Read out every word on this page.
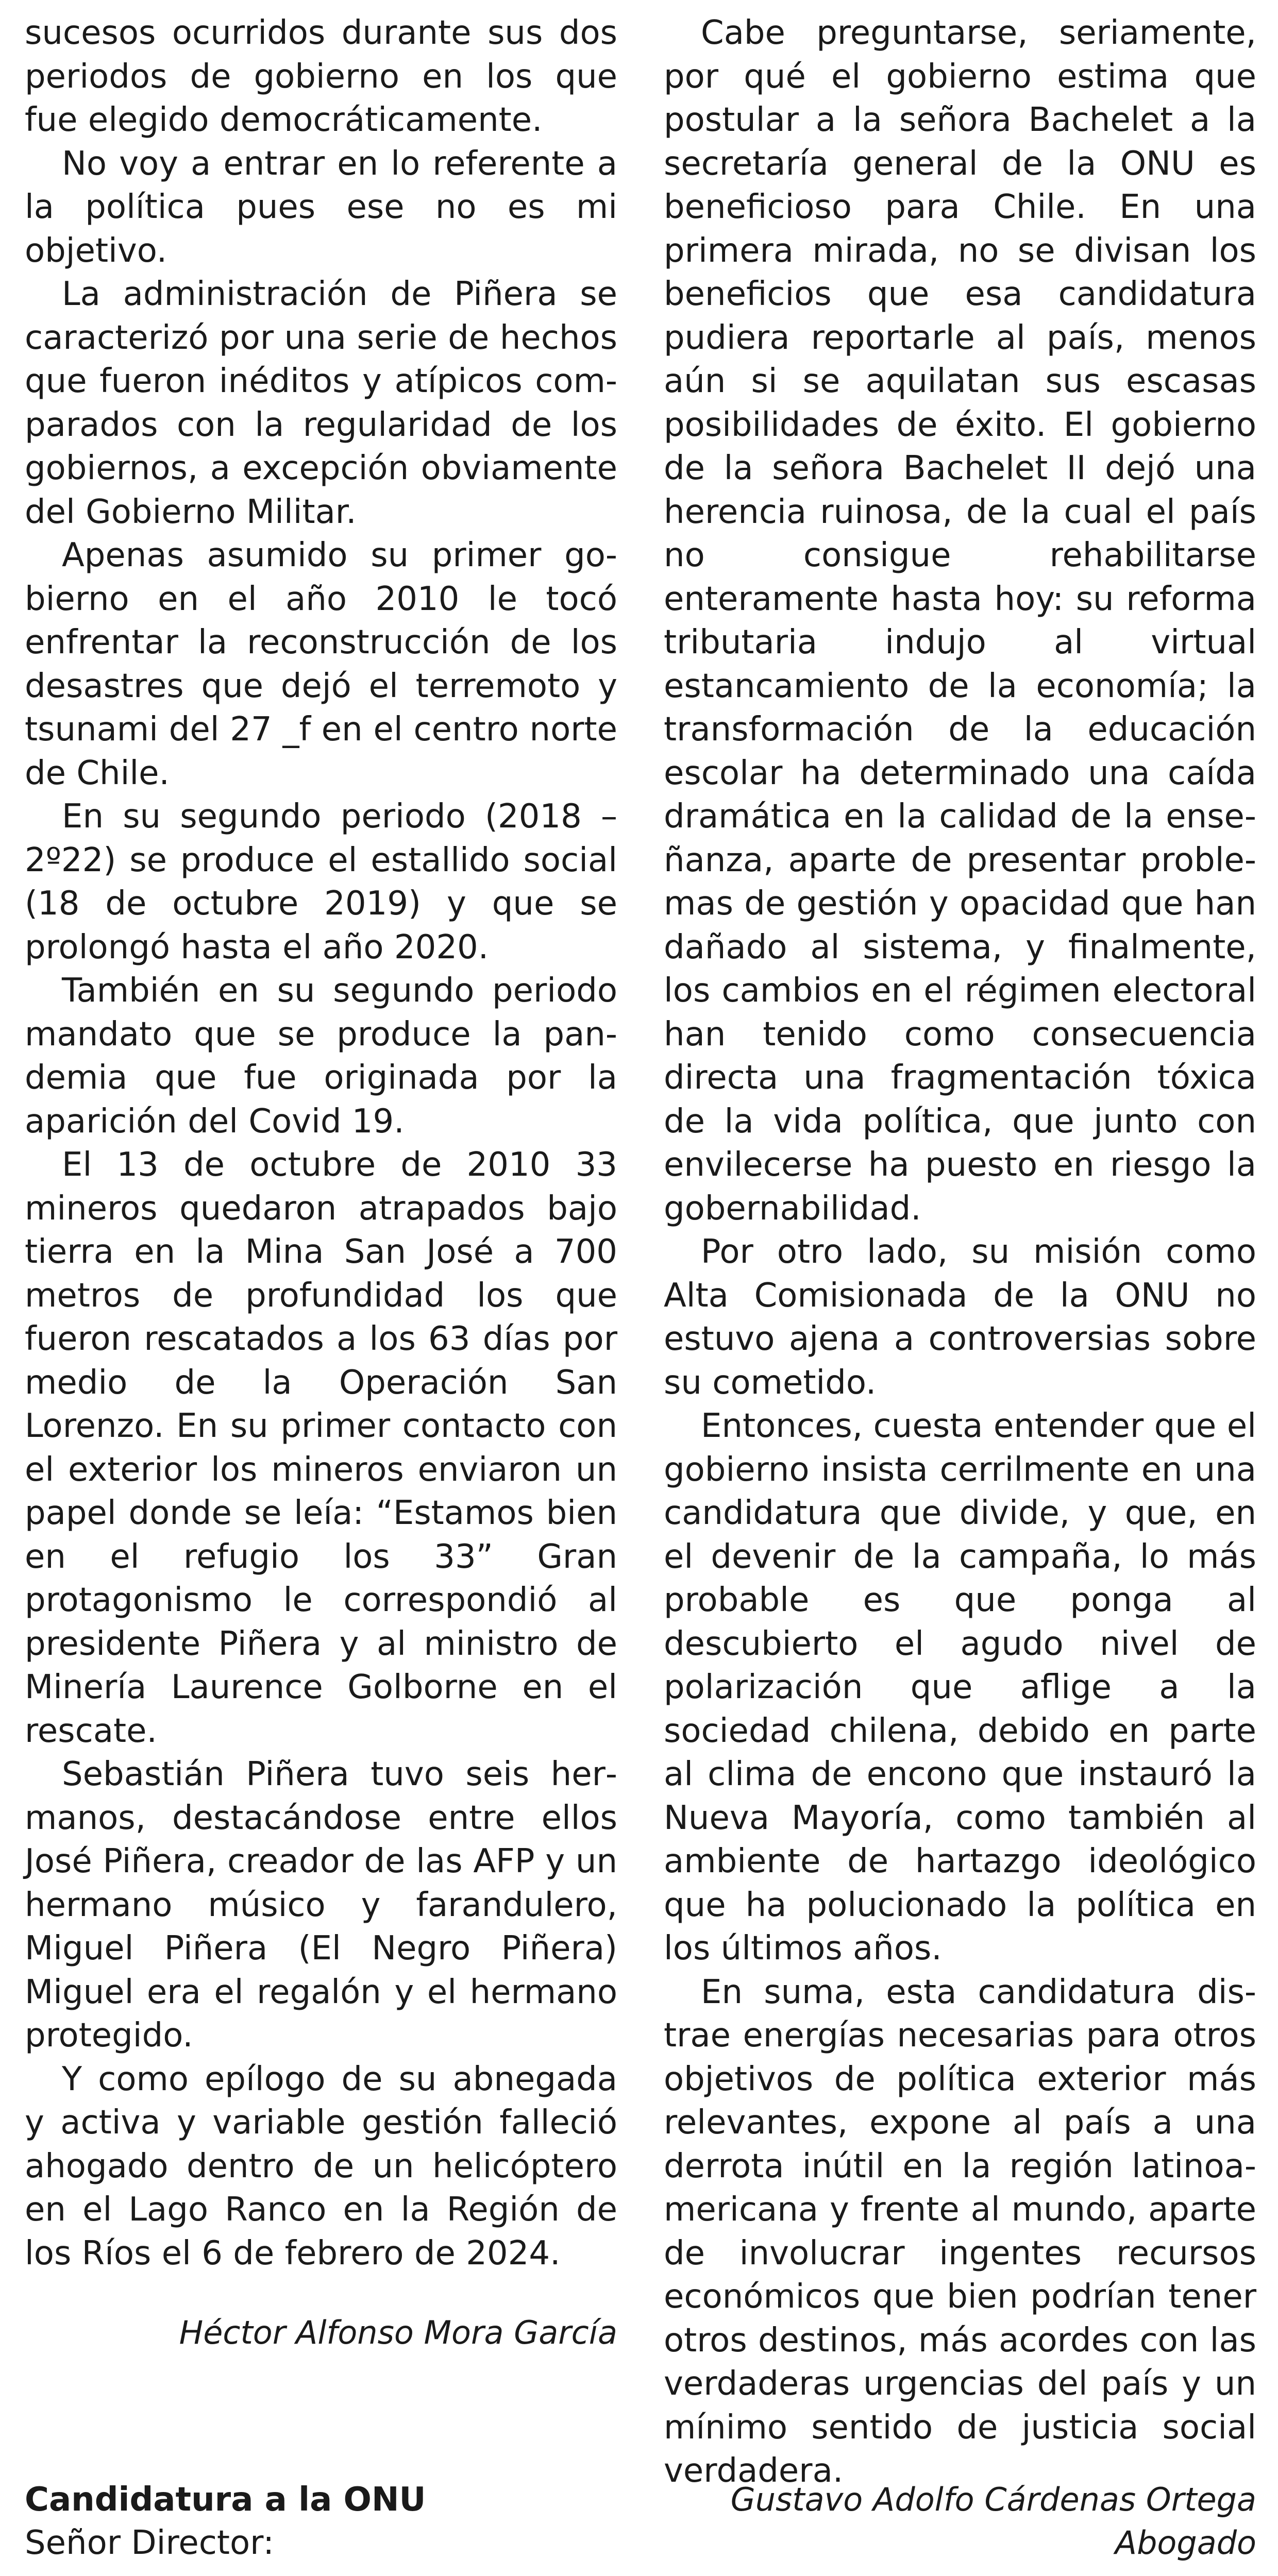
sucesos ocurridos durante sus dos periodos de gobierno en los que fue elegido democráticamente.

No voy a entrar en lo referente a la política pues ese no es mi objetivo.

La administración de Piñera se caracterizó por una serie de hechos que fueron inéditos y atípicos comparados con la regularidad de los gobiernos, a excepción obviamente del Gobierno Militar.

Apenas asumido su primer gobierno en el año 2010 le tocó enfrentar la reconstrucción de los desastres que dejó el terremoto y tsunami del 27 _f en el centro norte de Chile.

En su segundo periodo (2018 – 2º22) se produce el estallido social (18 de octubre 2019) y que se prolongó hasta el año 2020.

También en su segundo periodo mandato que se produce la pandemia que fue originada por la aparición del Covid 19.

El 13 de octubre de 2010 33 mineros quedaron atrapados bajo tierra en la Mina San José a 700 metros de profundidad los que fueron rescatados a los 63 días por medio de la Operación San Lorenzo. En su primer contacto con el exterior los mineros enviaron un papel donde se leía: “Estamos bien en el refugio los 33” Gran protagonismo le correspondió al presidente Piñera y al ministro de Minería Laurence Golborne en el rescate.

Sebastián Piñera tuvo seis hermanos, destacándose entre ellos José Piñera, creador de las AFP y un hermano músico y farandulero, Miguel Piñera (El Negro Piñera) Miguel era el regalón y el hermano protegido.

Y como epílogo de su abnegada y activa y variable gestión falleció ahogado dentro de un helicóptero en el Lago Ranco en la Región de los Ríos el 6 de febrero de 2024.

Héctor Alfonso Mora García

Cabe preguntarse, seriamente, por qué el gobierno estima que postular a la señora Bachelet a la secretaría general de la ONU es beneficioso para Chile. En una primera mirada, no se divisan los beneficios que esa candidatura pudiera reportarle al país, menos aún si se aquilatan sus escasas posibilidades de éxito. El gobierno de la señora Bachelet II dejó una herencia ruinosa, de la cual el país no consigue rehabilitarse enteramente hasta hoy: su reforma tributaria indujo al virtual estancamiento de la economía; la transformación de la educación escolar ha determinado una caída dramática en la calidad de la enseñanza, aparte de presentar problemas de gestión y opacidad que han dañado al sistema, y finalmente, los cambios en el régimen electoral han tenido como consecuencia directa una fragmentación tóxica de la vida política, que junto con envilecerse ha puesto en riesgo la gobernabilidad.

Por otro lado, su misión como Alta Comisionada de la ONU no estuvo ajena a controversias sobre su cometido.

Entonces, cuesta entender que el gobierno insista cerrilmente en una candidatura que divide, y que, en el devenir de la campaña, lo más probable es que ponga al descubierto el agudo nivel de polarización que aflige a la sociedad chilena, debido en parte al clima de encono que instauró la Nueva Mayoría, como también al ambiente de hartazgo ideológico que ha polucionado la política en los últimos años.

En suma, esta candidatura distrae energías necesarias para otros objetivos de política exterior más relevantes, expone al país a una derrota inútil en la región latinoamericana y frente al mundo, aparte de involucrar ingentes recursos económicos que bien podrían tener otros destinos, más acordes con las verdaderas urgencias del país y un mínimo sentido de justicia social verdadera.

Candidatura a la ONU

Señor Director:

Gustavo Adolfo Cárdenas Ortega

Abogado
